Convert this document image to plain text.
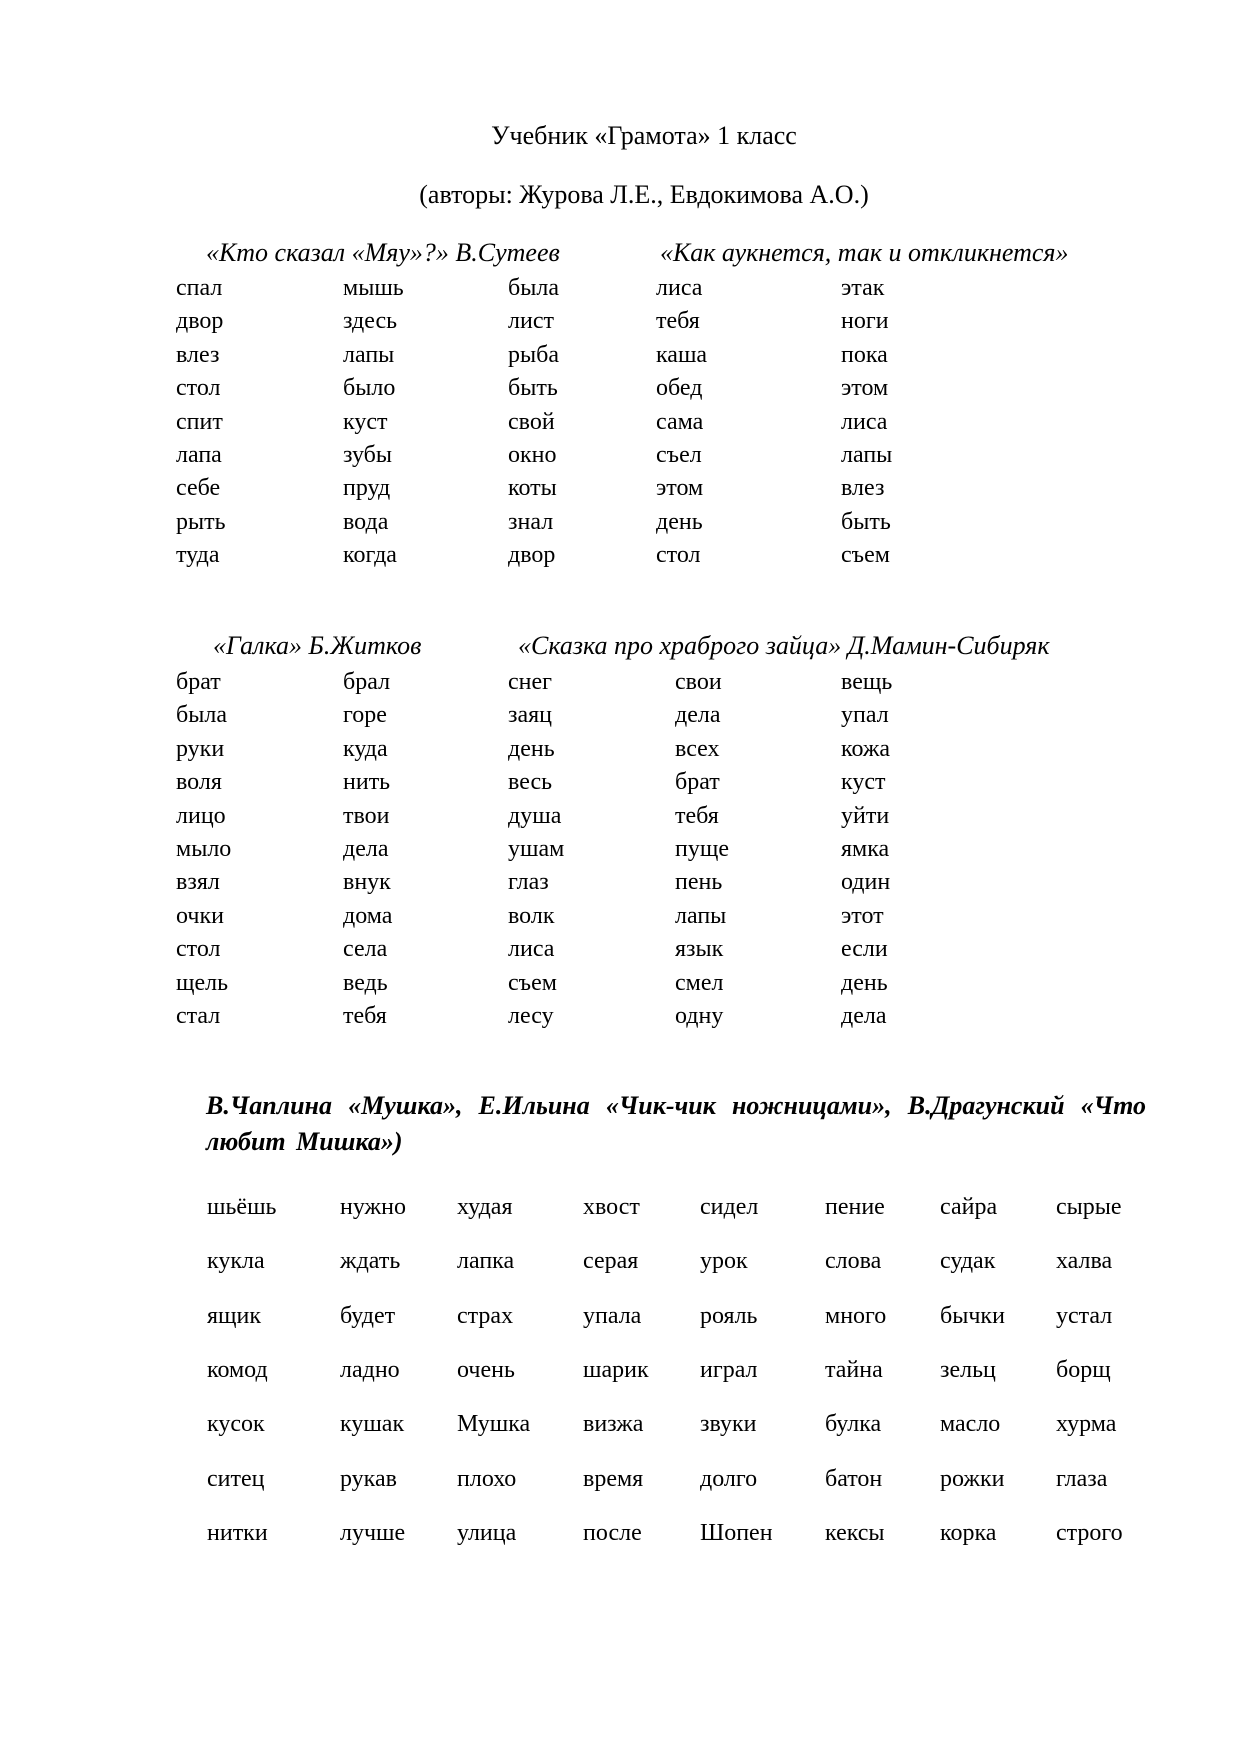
Учебник «Грамота» 1 класс
(авторы: Журова Л.Е., Евдокимова А.О.)
«Кто сказал «Мяу»?» В.Сутеев	«Как аукнется, так и откликнется»
спал	мышь	была	лиса	этак
двор	здесь	лист	тебя	ноги
влез	лапы	рыба	каша	пока
стол	было	быть	обед	этом
спит	куст	свой	сама	лиса
лапа	зубы	окно	съел	лапы
себе	пруд	коты	этом	влез
рыть	вода	знал	день	быть
туда	когда	двор	стол	съем
«Галка» Б.Житков	«Сказка про храброго зайца» Д.Мамин-Сибиряк
брат	брал	снег	свои	вещь
была	горе	заяц	дела	упал
руки	куда	день	всех	кожа
воля	нить	весь	брат	куст
лицо	твои	душа	тебя	уйти
мыло	дела	ушам	пуще	ямка
взял	внук	глаз	пень	один
очки	дома	волк	лапы	этот
стол	села	лиса	язык	если
щель	ведь	съем	смел	день
стал	тебя	лесу	одну	дела
В.Чаплина «Мушка», Е.Ильина «Чик-чик ножницами», В.Драгунский «Что любит Мишка»)
шьёшь	нужно худая	хвост	сидел	пение сайра сырые
кукла	ждать лапка	серая	урок	слова судак	халва
ящик	будет	страх	упала рояль	много бычки устал
комод	ладно очень	шарик играл	тайна зельц	борщ
кусок	кушак Мушка визжа звуки	булка масло хурма
ситец	рукав	плохо	время долго	батон рожки глаза
нитки	лучше улица	после Шопен кексы корка строго
